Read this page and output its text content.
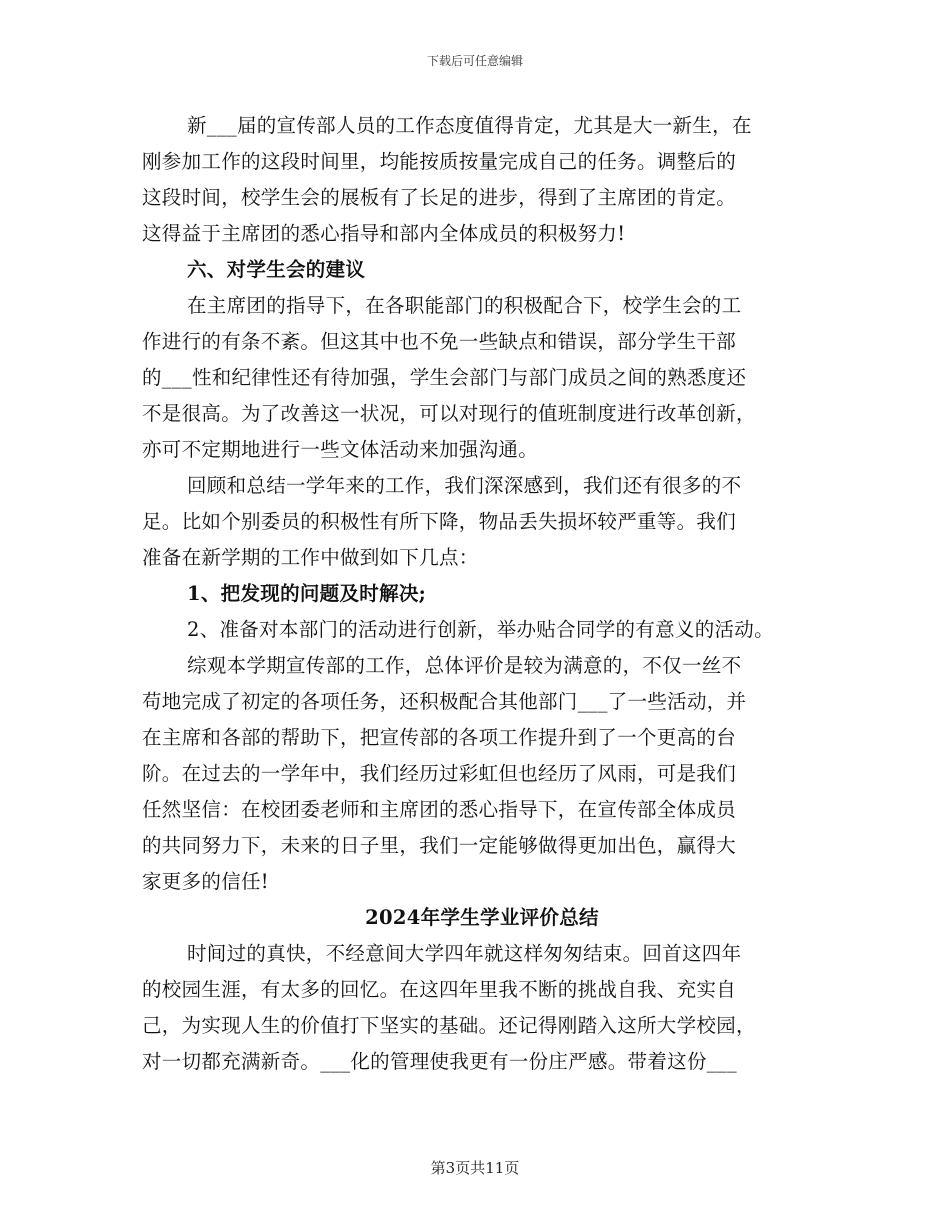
下载后可任意编辑
新___届的宣传部人员的工作态度值得肯定，尤其是大一新生，在
刚参加工作的这段时间里，均能按质按量完成自己的任务。调整后的
这段时间，校学生会的展板有了长足的进步，得到了主席团的肯定。
这得益于主席团的悉心指导和部内全体成员的积极努力!
六、对学生会的建议
在主席团的指导下，在各职能部门的积极配合下，校学生会的工
作进行的有条不紊。但这其中也不免一些缺点和错误，部分学生干部
的___性和纪律性还有待加强，学生会部门与部门成员之间的熟悉度还
不是很高。为了改善这一状况，可以对现行的值班制度进行改革创新，
亦可不定期地进行一些文体活动来加强沟通。
回顾和总结一学年来的工作，我们深深感到，我们还有很多的不
足。比如个别委员的积极性有所下降，物品丢失损坏较严重等。我们
准备在新学期的工作中做到如下几点：
1、把发现的问题及时解决;
2、准备对本部门的活动进行创新，举办贴合同学的有意义的活动。
综观本学期宣传部的工作，总体评价是较为满意的，不仅一丝不
苟地完成了初定的各项任务，还积极配合其他部门___了一些活动，并
在主席和各部的帮助下，把宣传部的各项工作提升到了一个更高的台
阶。在过去的一学年中，我们经历过彩虹但也经历了风雨，可是我们
任然坚信：在校团委老师和主席团的悉心指导下，在宣传部全体成员
的共同努力下，未来的日子里，我们一定能够做得更加出色，赢得大
家更多的信任!
2024年学生学业评价总结
时间过的真快，不经意间大学四年就这样匆匆结束。回首这四年
的校园生涯，有太多的回忆。在这四年里我不断的挑战自我、充实自
己，为实现人生的价值打下坚实的基础。还记得刚踏入这所大学校园，
对一切都充满新奇。___化的管理使我更有一份庄严感。带着这份___
第3页共11页
